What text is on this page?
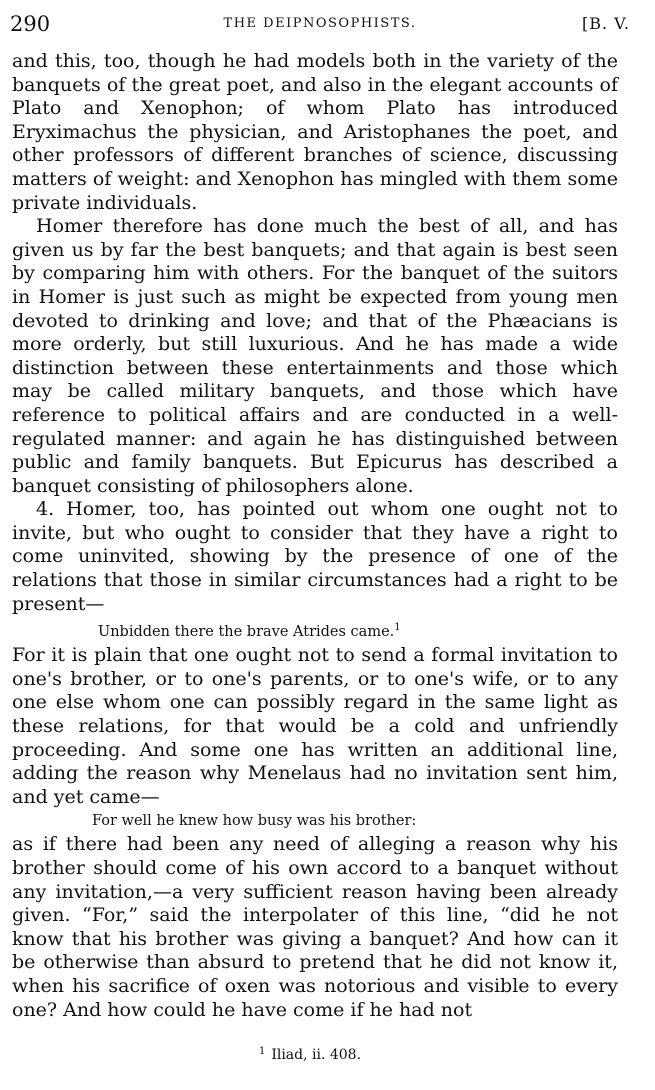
290	THE DEIPNOSOPHISTS.	[B. V.

and this, too, though he had models both in the variety of the banquets of the great poet, and also in the elegant accounts of Plato and Xenophon; of whom Plato has introduced Eryximachus the physician, and Aristophanes the poet, and other professors of different branches of science, discussing matters of weight: and Xenophon has mingled with them some private individuals.

Homer therefore has done much the best of all, and has given us by far the best banquets; and that again is best seen by comparing him with others. For the banquet of the suitors in Homer is just such as might be expected from young men devoted to drinking and love; and that of the Phæacians is more orderly, but still luxurious. And he has made a wide distinction between these entertainments and those which may be called military banquets, and those which have reference to political affairs and are conducted in a well-regulated manner: and again he has distinguished between public and family banquets. But Epicurus has described a banquet consisting of philosophers alone.

4. Homer, too, has pointed out whom one ought not to invite, but who ought to consider that they have a right to come uninvited, showing by the presence of one of the relations that those in similar circumstances had a right to be present—

Unbidden there the brave Atrides came.$^1$

For it is plain that one ought not to send a formal invitation to one's brother, or to one's parents, or to one's wife, or to any one else whom one can possibly regard in the same light as these relations, for that would be a cold and unfriendly proceeding. And some one has written an additional line, adding the reason why Menelaus had no invitation sent him, and yet came—

For well he knew how busy was his brother:

as if there had been any need of alleging a reason why his brother should come of his own accord to a banquet without any invitation,—a very sufficient reason having been already given. “For,” said the interpolater of this line, “did he not know that his brother was giving a banquet? And how can it be otherwise than absurd to pretend that he did not know it, when his sacrifice of oxen was notorious and visible to every one? And how could he have come if he had not

$^1$ Iliad, ii. 408.
